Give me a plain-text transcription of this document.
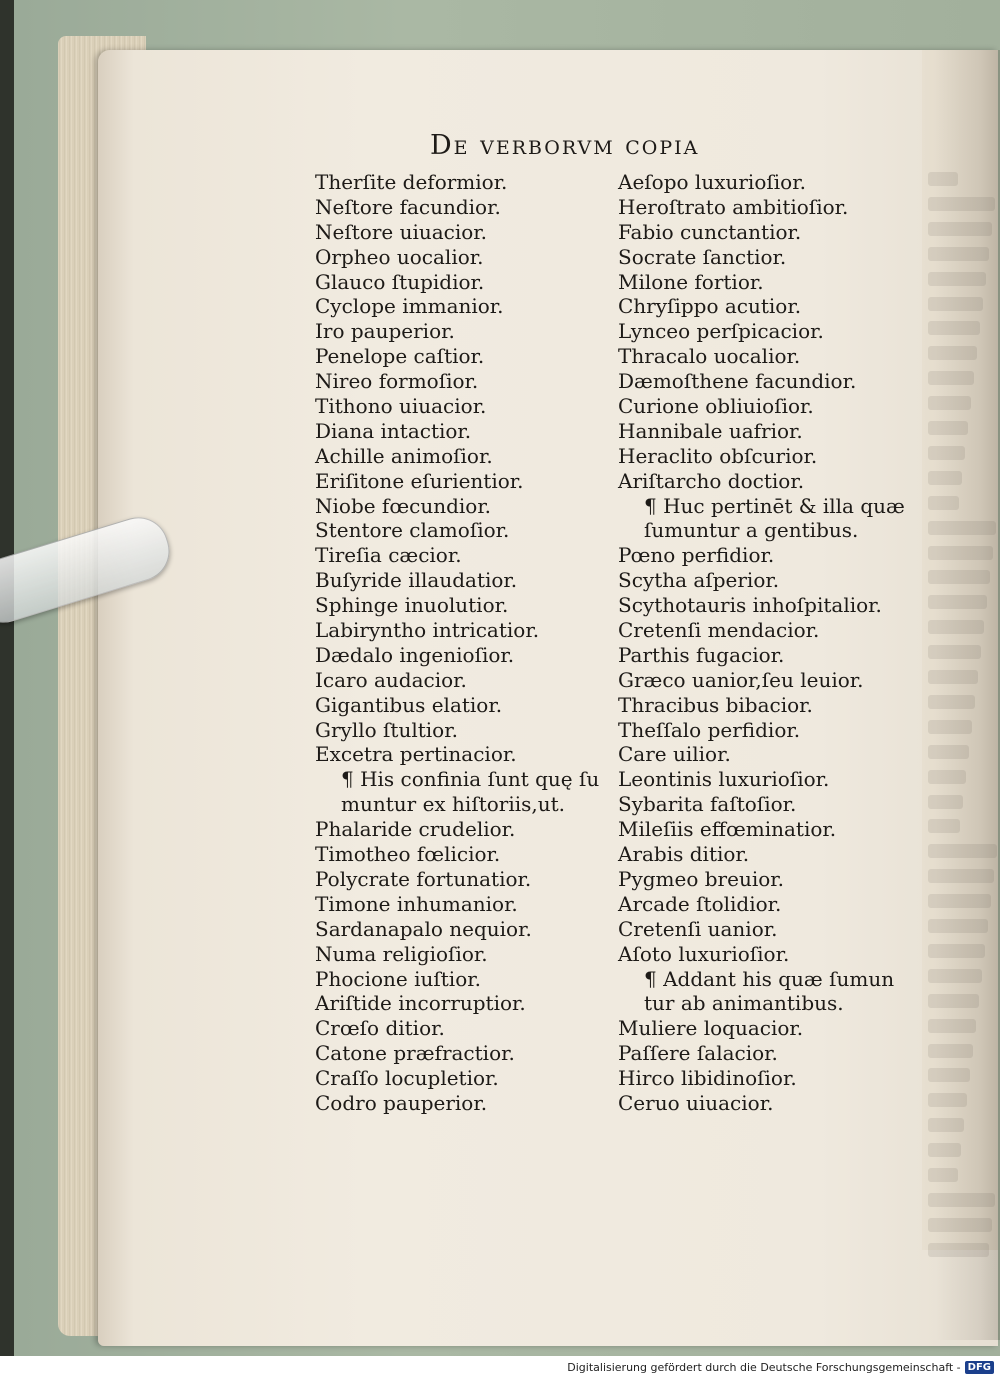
De verborvm copia
Therſite deformior.
Neſtore facundior.
Neſtore uiuacior.
Orpheo uocalior.
Glauco ſtupidior.
Cyclope immanior.
Iro pauperior.
Penelope caſtior.
Nireo formoſior.
Tithono uiuacior.
Diana intactior.
Achille animoſior.
Eriſitone eſurientior.
Niobe fœcundior.
Stentore clamoſior.
Tireſia cæcior.
Buſyride illaudatior.
Sphinge inuolutior.
Labiryntho intricatior.
Dædalo ingenioſior.
Icaro audacior.
Gigantibus elatior.
Gryllo ſtultior.
Excetra pertinacior.
¶ His confinia ſunt quę ſu
muntur ex hiſtoriis,ut.
Phalaride crudelior.
Timotheo fœlicior.
Polycrate fortunatior.
Timone inhumanior.
Sardanapalo nequior.
Numa religioſior.
Phocione iuſtior.
Ariſtide incorruptior.
Crœſo ditior.
Catone præfractior.
Craſſo locupletior.
Codro pauperior.
Aeſopo luxurioſior.
Heroſtrato ambitioſior.
Fabio cunctantior.
Socrate ſanctior.
Milone fortior.
Chryſippo acutior.
Lynceo perſpicacior.
Thracalo uocalior.
Dæmoſthene facundior.
Curione obliuioſior.
Hannibale uafrior.
Heraclito obſcurior.
Ariſtarcho doctior.
¶ Huc pertinēt & illa quæ
ſumuntur a gentibus.
Pœno perfidior.
Scytha aſperior.
Scythotauris inhoſpitalior.
Cretenſi mendacior.
Parthis fugacior.
Græco uanior,ſeu leuior.
Thracibus bibacior.
Theſſalo perfidior.
Care uilior.
Leontinis luxurioſior.
Sybarita faſtoſior.
Mileſiis effœminatior.
Arabis ditior.
Pygmeo breuior.
Arcade ſtolidior.
Cretenſi uanior.
Aſoto luxurioſior.
¶ Addant his quæ ſumun
tur ab animantibus.
Muliere loquacior.
Paſſere ſalacior.
Hirco libidinoſior.
Ceruo uiuacior.
Digitalisierung gefördert durch die Deutsche Forschungsgemeinschaft - DFG
